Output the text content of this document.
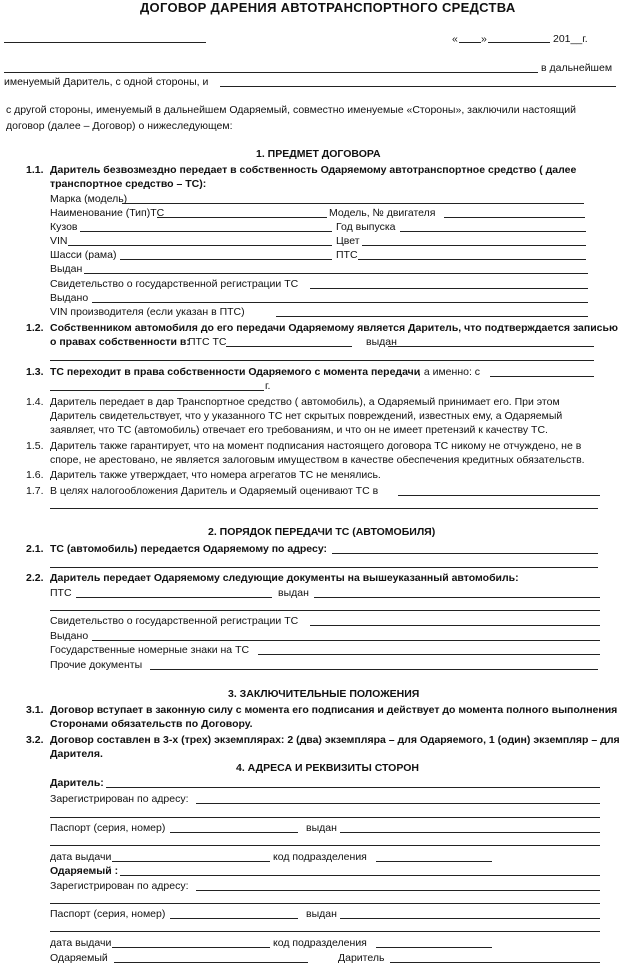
ДОГОВОР ДАРЕНИЯ АВТОТРАНСПОРТНОГО СРЕДСТВА
« »	201__г.
в дальнейшем
именуемый Даритель, с одной стороны, и
с другой стороны, именуемый в дальнейшем Одаряемый, совместно именуемые «Стороны», заключили настоящий
договор (далее – Договор) о нижеследующем:
1. ПРЕДМЕТ ДОГОВОРА
1.1. Даритель безвозмездно передает в собственность Одаряемому автотранспортное средство ( далее
транспортное средство – ТС):
Марка (модель)
Наименование (Тип)ТС	Модель, № двигателя
Кузов	Год выпуска
VIN	Цвет
Шасси (рама)	ПТС
Выдан
Свидетельство о государственной регистрации ТС
Выдано
VIN производителя (если указан в ПТС)
1.2. Собственником автомобиля до его передачи Одаряемому является Даритель, что подтверждается записью
о правах собственности в:
ПТС ТС	выдан
1.3. ТС переходит в права собственности Одаряемого с момента передачи
, а именно: с
г.
1.4. Даритель передает в дар Транспортное средство ( автомобиль), а Одаряемый принимает его. При этом
Даритель свидетельствует, что у указанного ТС нет скрытых повреждений, известных ему, а Одаряемый
заявляет, что ТС (автомобиль) отвечает его требованиям, и что он не имеет претензий к качеству ТС.
1.5. Даритель также гарантирует, что на момент подписания настоящего договора ТС никому не отчуждено, не в
споре, не арестовано, не является залоговым имуществом в качестве обеспечения кредитных обязательств.
1.6. Даритель также утверждает, что номера агрегатов ТС не менялись.
1.7. В целях налогообложения Даритель и Одаряемый оценивают ТС в
2. ПОРЯДОК ПЕРЕДАЧИ ТС (АВТОМОБИЛЯ)
2.1. ТС (автомобиль) передается Одаряемому по адресу:
2.2. Даритель передает Одаряемому следующие документы на вышеуказанный автомобиль:
ПТС	выдан
Свидетельство о государственной регистрации ТС
Выдано
Государственные номерные знаки на ТС
Прочие документы
3. ЗАКЛЮЧИТЕЛЬНЫЕ ПОЛОЖЕНИЯ
3.1. Договор вступает в законную силу с момента его подписания и действует до момента полного выполнения
Сторонами обязательств по Договору.
3.2. Договор составлен в 3-х (трех) экземплярах: 2 (два) экземпляра – для Одаряемого, 1 (один) экземпляр – для
Дарителя.
4. АДРЕСА И РЕКВИЗИТЫ СТОРОН
Даритель:
Зарегистрирован по адресу:
Паспорт (серия, номер)	выдан
дата выдачи	код подразделения
Одаряемый :
Зарегистрирован по адресу:
Паспорт (серия, номер)	выдан
дата выдачи	код подразделения
Одаряемый	Даритель
